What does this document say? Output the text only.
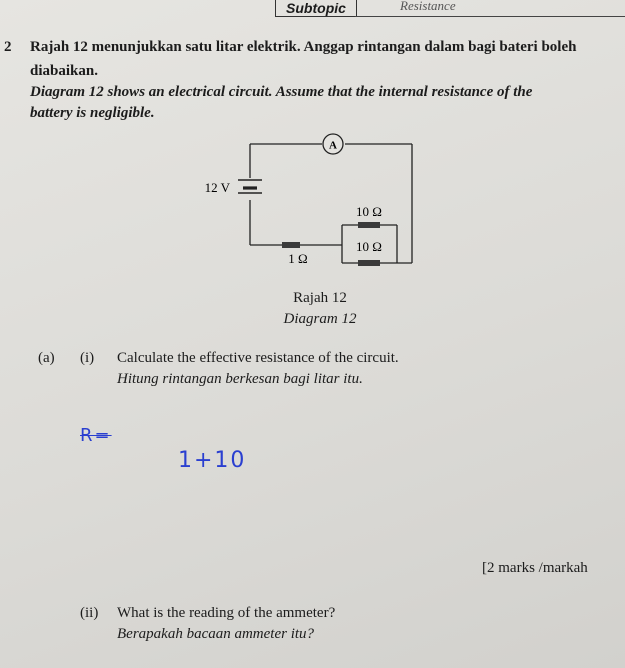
Subtopic	Resistance
2 Rajah 12 menunjukkan satu litar elektrik. Anggap rintangan dalam bagi bateri boleh
diabaikan.
Diagram 12 shows an electrical circuit. Assume that the internal resistance of the
battery is negligible.
A
12 V
10 Ω
10 Ω
1 Ω
Rajah 12
Diagram 12
(a) (i) Calculate the effective resistance of the circuit.
Hitung rintangan berkesan bagi litar itu.
R=
1+10
[2 marks /markah
(ii) What is the reading of the ammeter?
Berapakah bacaan ammeter itu?
